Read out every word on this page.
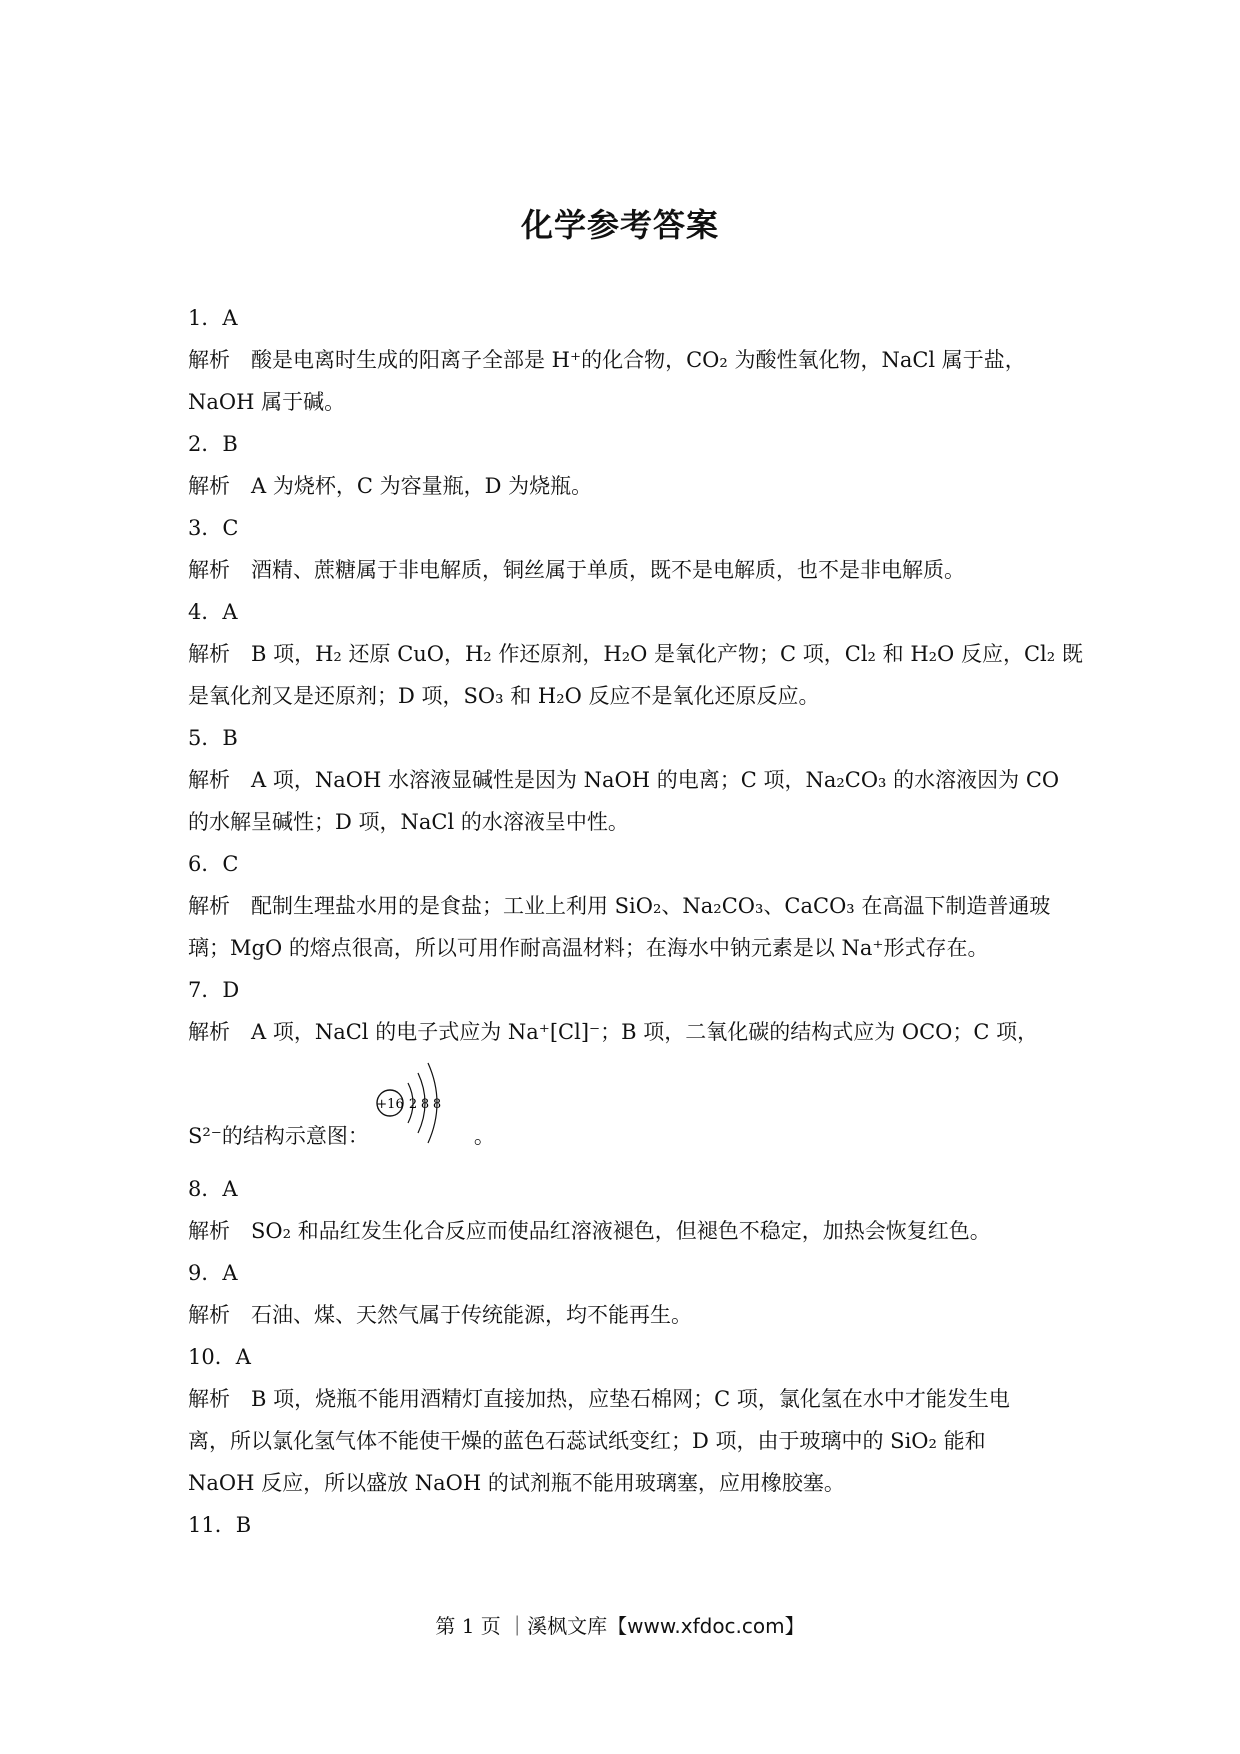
化学参考答案
1．A
解析　酸是电离时生成的阳离子全部是 H⁺的化合物，CO₂ 为酸性氧化物，NaCl 属于盐，
NaOH 属于碱。
2．B
解析　A 为烧杯，C 为容量瓶，D 为烧瓶。
3．C
解析　酒精、蔗糖属于非电解质，铜丝属于单质，既不是电解质，也不是非电解质。
4．A
解析　B 项，H₂ 还原 CuO，H₂ 作还原剂，H₂O 是氧化产物；C 项，Cl₂ 和 H₂O 反应，Cl₂ 既
是氧化剂又是还原剂；D 项，SO₃ 和 H₂O 反应不是氧化还原反应。
5．B
解析　A 项，NaOH 水溶液显碱性是因为 NaOH 的电离；C 项，Na₂CO₃ 的水溶液因为 CO
的水解呈碱性；D 项，NaCl 的水溶液呈中性。
6．C
解析　配制生理盐水用的是食盐；工业上利用 SiO₂、Na₂CO₃、CaCO₃ 在高温下制造普通玻
璃；MgO 的熔点很高，所以可用作耐高温材料；在海水中钠元素是以 Na⁺形式存在。
7．D
解析　A 项，NaCl 的电子式应为 Na⁺[Cl]⁻；B 项，二氧化碳的结构式应为 OCO；C 项，
S²⁻的结构示意图：	。
+16 2 8 8
8．A
解析　SO₂ 和品红发生化合反应而使品红溶液褪色，但褪色不稳定，加热会恢复红色。
9．A
解析　石油、煤、天然气属于传统能源，均不能再生。
10．A
解析　B 项，烧瓶不能用酒精灯直接加热，应垫石棉网；C 项，氯化氢在水中才能发生电
离，所以氯化氢气体不能使干燥的蓝色石蕊试纸变红；D 项，由于玻璃中的 SiO₂ 能和
NaOH 反应，所以盛放 NaOH 的试剂瓶不能用玻璃塞，应用橡胶塞。
11．B
第 1 页 ｜溪枫文库【www.xfdoc.com】
